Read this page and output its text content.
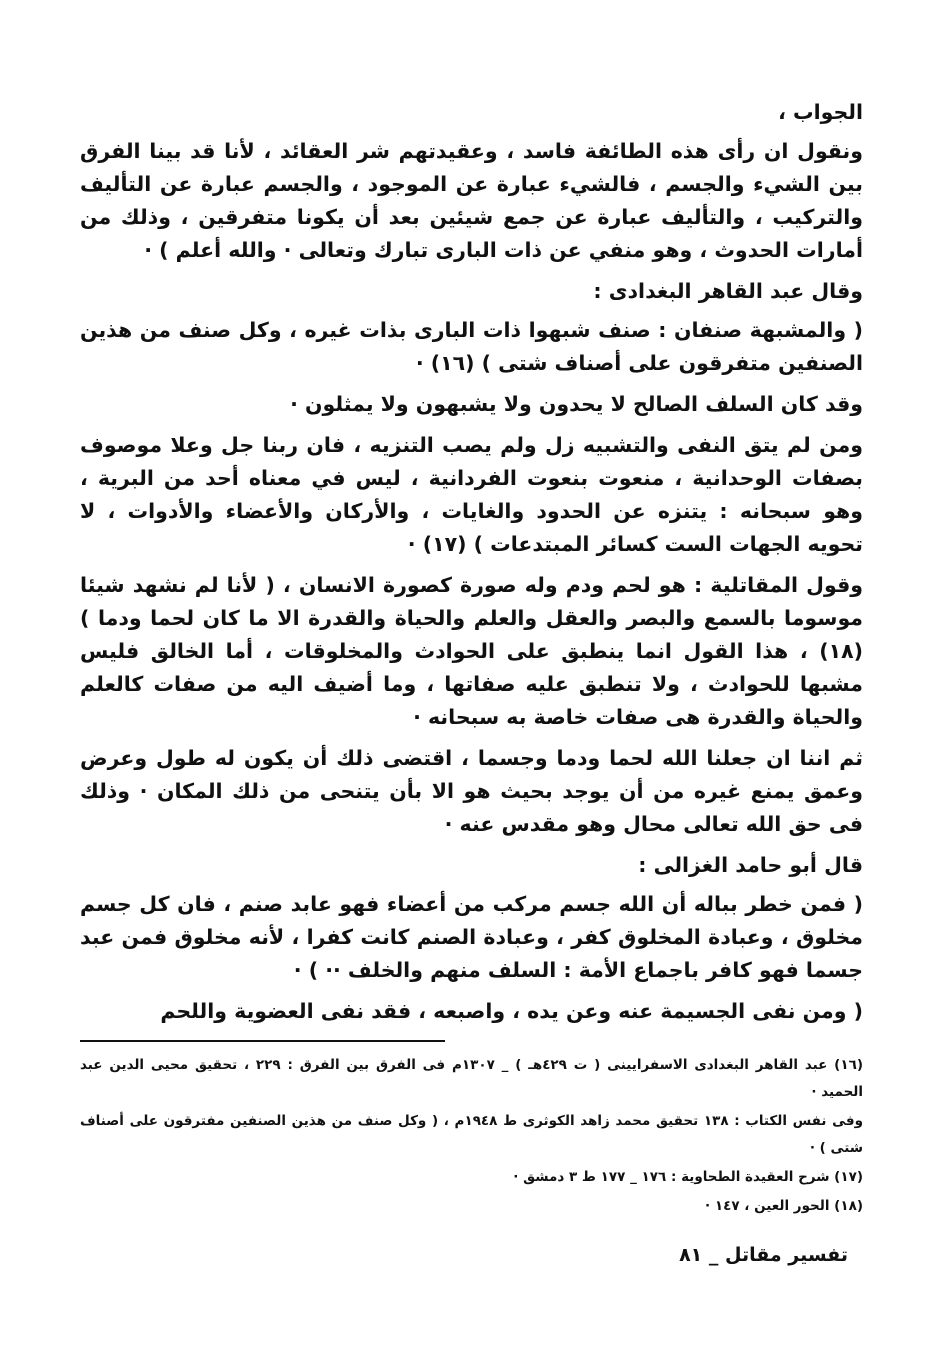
الجواب ،

ونقول ان رأى هذه الطائفة فاسد ، وعقيدتهم شر العقائد ، لأنا قد بينا الفرق بين الشيء والجسم ، فالشيء عبارة عن الموجود ، والجسم عبارة عن التأليف والتركيب ، والتأليف عبارة عن جمع شيئين بعد أن يكونا متفرقين ، وذلك من أمارات الحدوث ، وهو منفي عن ذات البارى تبارك وتعالى · والله أعلم ) ·

وقال عبد القاهر البغدادى :

( والمشبهة صنفان : صنف شبهوا ذات البارى بذات غيره ، وكل صنف من هذين الصنفين متفرقون على أصناف شتى ) (١٦) ·

وقد كان السلف الصالح لا يحدون ولا يشبهون ولا يمثلون ·

ومن لم يتق النفى والتشبيه زل ولم يصب التنزيه ، فان ربنا جل وعلا موصوف بصفات الوحدانية ، منعوت بنعوت الفردانية ، ليس في معناه أحد من البرية ، وهو سبحانه : يتنزه عن الحدود والغايات ، والأركان والأعضاء والأدوات ، لا تحويه الجهات الست كسائر المبتدعات ) (١٧) ·

وقول المقاتلية : هو لحم ودم وله صورة كصورة الانسان ، ( لأنا لم نشهد شيئا موسوما بالسمع والبصر والعقل والعلم والحياة والقدرة الا ما كان لحما ودما ) (١٨) ، هذا القول انما ينطبق على الحوادث والمخلوقات ، أما الخالق فليس مشبها للحوادث ، ولا تنطبق عليه صفاتها ، وما أضيف اليه من صفات كالعلم والحياة والقدرة هى صفات خاصة به سبحانه ·

ثم اننا ان جعلنا الله لحما ودما وجسما ، اقتضى ذلك أن يكون له طول وعرض وعمق يمنع غيره من أن يوجد بحيث هو الا بأن يتنحى من ذلك المكان · وذلك فى حق الله تعالى محال وهو مقدس عنه ·

قال أبو حامد الغزالى :

( فمن خطر بباله أن الله جسم مركب من أعضاء فهو عابد صنم ، فان كل جسم مخلوق ، وعبادة المخلوق كفر ، وعبادة الصنم كانت كفرا ، لأنه مخلوق فمن عبد جسما فهو كافر باجماع الأمة : السلف منهم والخلف ·· ) ·

( ومن نفى الجسيمة عنه وعن يده ، واصبعه ، فقد نفى العضوية واللحم

(١٦) عبد القاهر البغدادى الاسفرايينى ( ت ٤٢٩هـ ) _ ١٣٠٧م فى الفرق بين الفرق : ٢٢٩ ، تحقيق محيى الدين عبد الحميد ·

وفى نفس الكتاب : ١٣٨ تحقيق محمد زاهد الكوثرى ط ١٩٤٨م ، ( وكل صنف من هذين الصنفين مفترقون على أصناف شتى ) ·

(١٧) شرح العقيدة الطحاوية : ١٧٦ _ ١٧٧ ط ٣ دمشق ·

(١٨) الحور العين ، ١٤٧ ·

تفسير مقاتل _ ٨١
